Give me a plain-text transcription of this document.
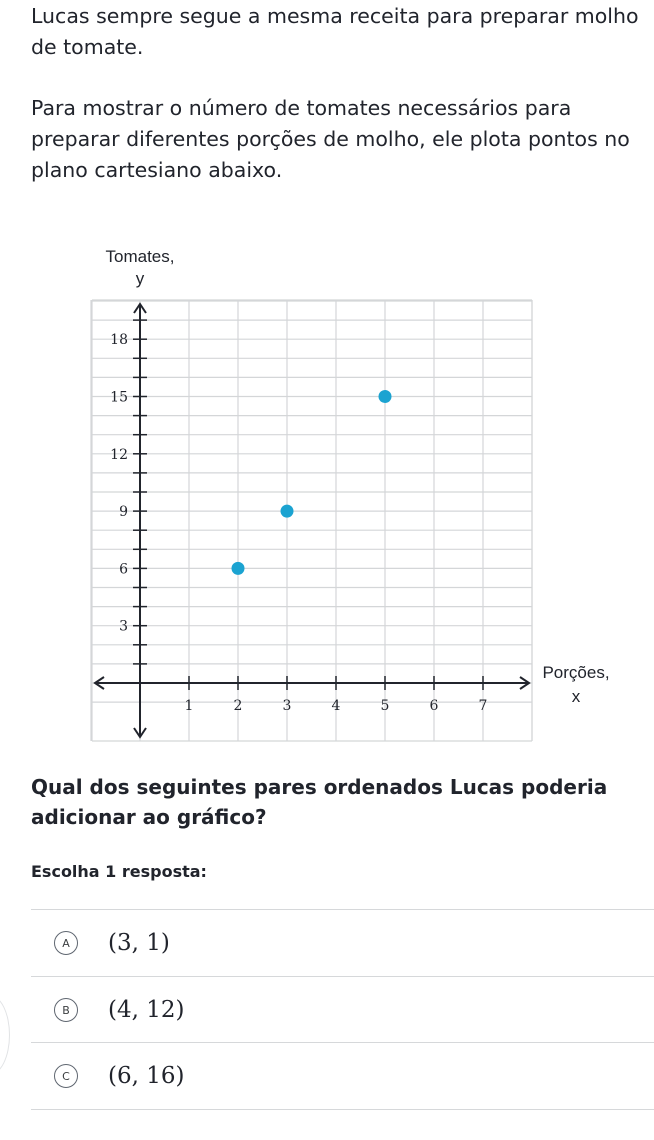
Lucas sempre segue a mesma receita para preparar molho
de tomate.
Para mostrar o número de tomates necessários para
preparar diferentes porções de molho, ele plota pontos no
plano cartesiano abaixo.
3
6
9
12
15
18
1	2	3	4	5	6	7
Tomates,
y
Porções,
x
Qual dos seguintes pares ordenados Lucas poderia
adicionar ao gráfico?
Escolha 1 resposta:
A	(3, 1)
B	(4, 12)
C	(6, 16)
